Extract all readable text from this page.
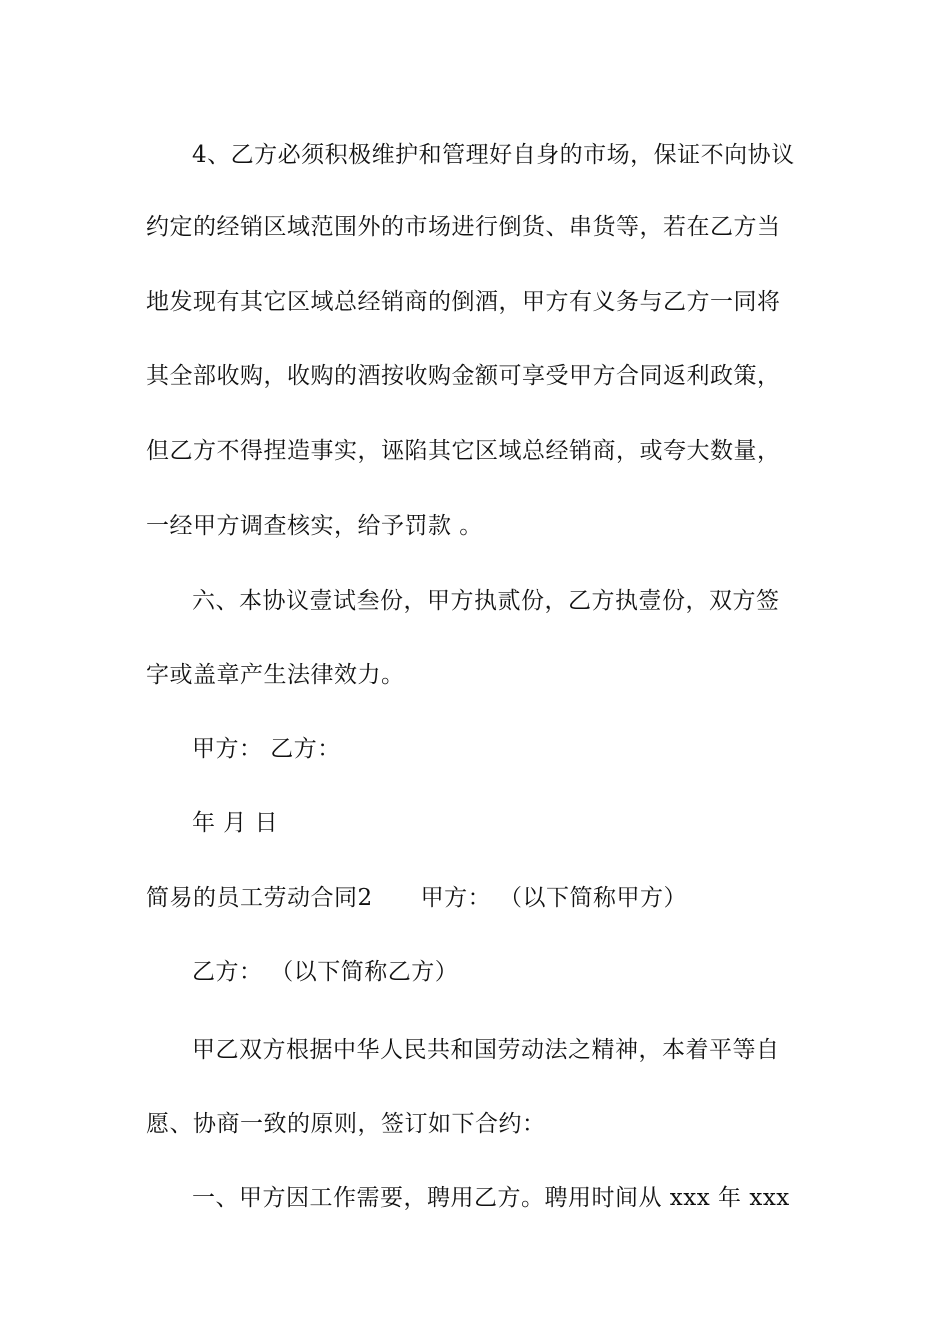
4、乙方必须积极维护和管理好自身的市场，保证不向协议
约定的经销区域范围外的市场进行倒货、串货等，若在乙方当
地发现有其它区域总经销商的倒酒，甲方有义务与乙方一同将
其全部收购，收购的酒按收购金额可享受甲方合同返利政策，
但乙方不得捏造事实，诬陷其它区域总经销商，或夸大数量，
一经甲方调查核实，给予罚款 。
六、本协议壹试叁份，甲方执贰份，乙方执壹份，双方签
字或盖章产生法律效力。
甲方： 乙方：
年 月 日
简易的员工劳动合同2 甲方： （以下简称甲方）
乙方： （以下简称乙方）
甲乙双方根据中华人民共和国劳动法之精神，本着平等自
愿、协商一致的原则，签订如下合约：
一、甲方因工作需要，聘用乙方。聘用时间从 xxx 年 xxx
